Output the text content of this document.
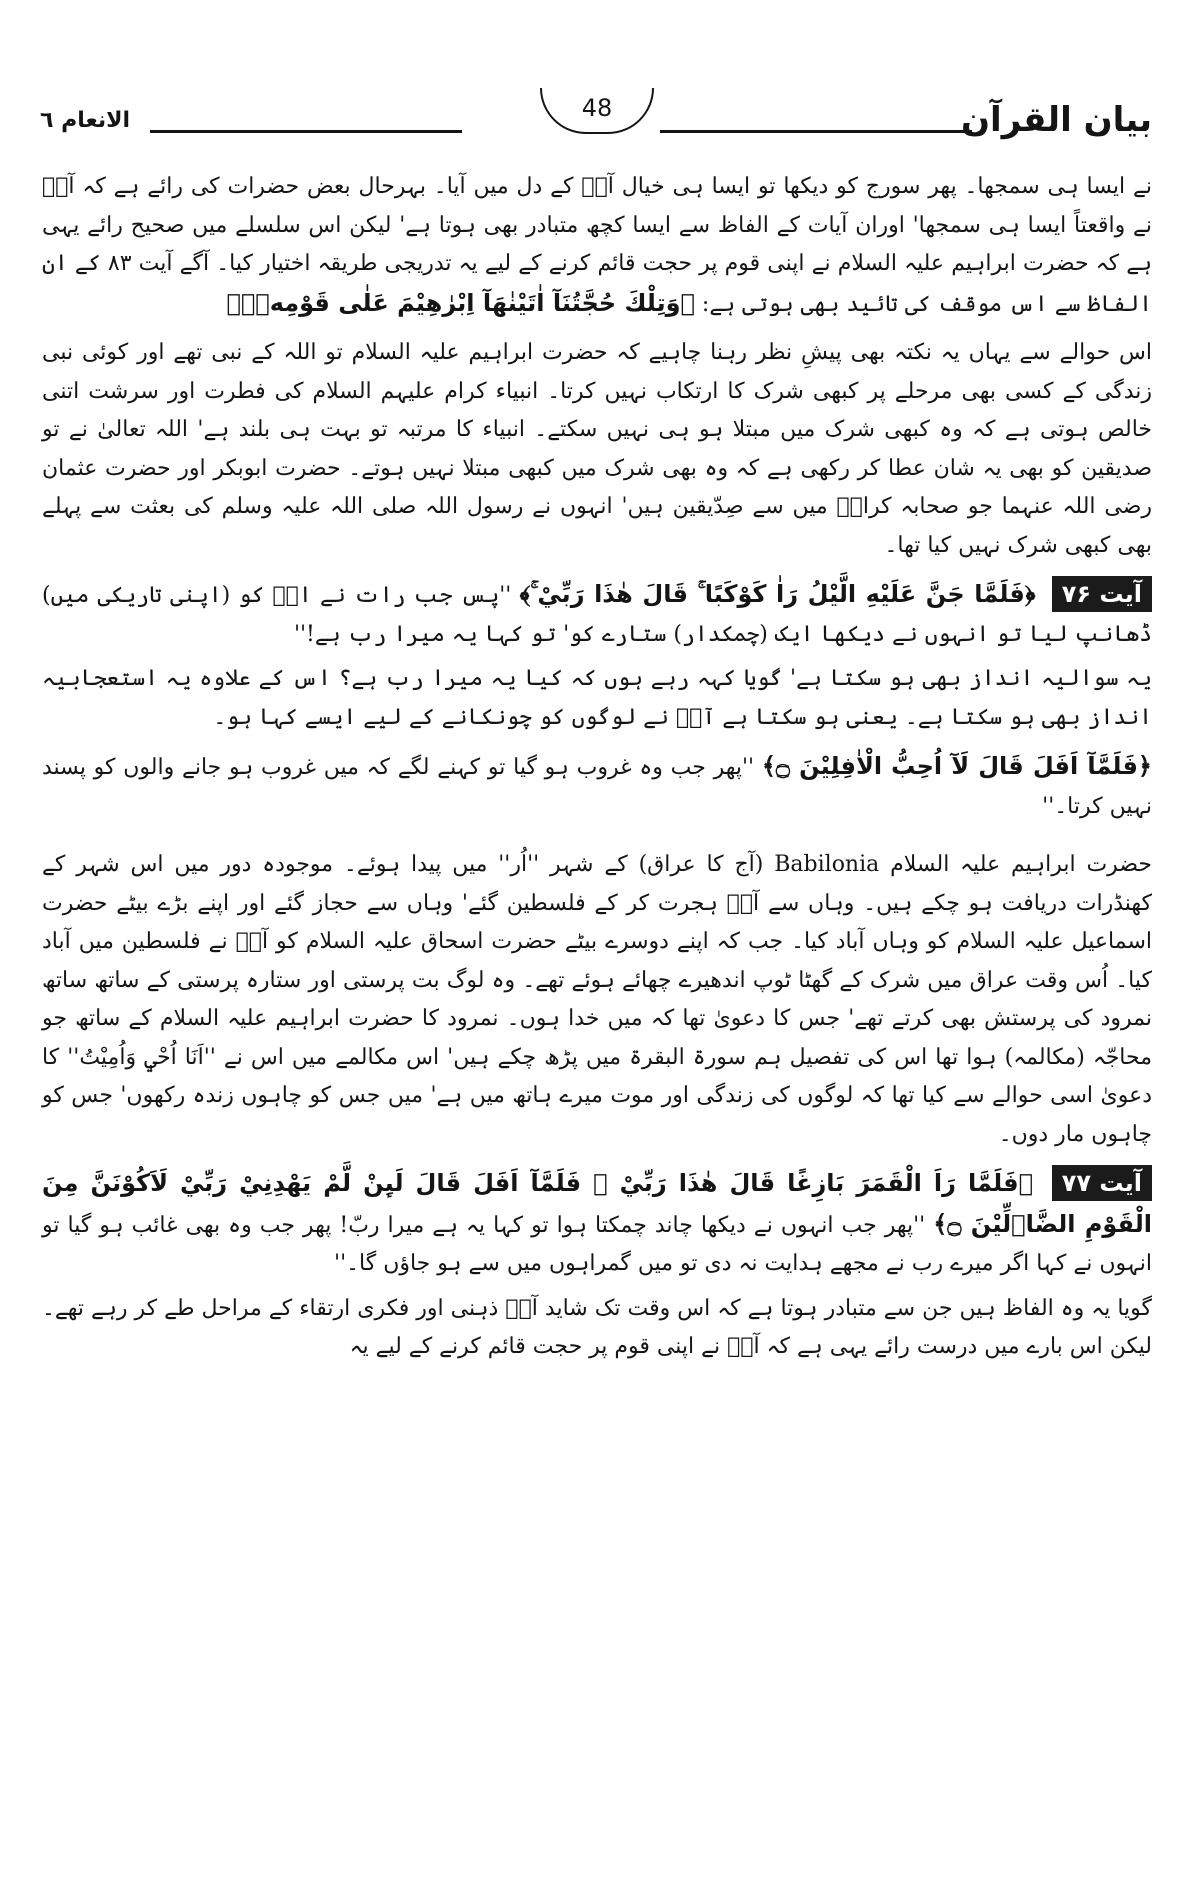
بیان القرآن
48
الانعام ٦

نے ایسا ہی سمجھا۔ پھر سورج کو دیکھا تو ایسا ہی خیال آپؑ کے دل میں آیا۔ بہرحال بعض حضرات کی رائے ہے کہ آپؑ نے واقعتاً ایسا ہی سمجھا' اوران آیات کے الفاظ سے ایسا کچھ متبادر بھی ہوتا ہے' لیکن اس سلسلے میں صحیح رائے یہی ہے کہ حضرت ابراہیم علیہ السلام نے اپنی قوم پر حجت قائم کرنے کے لیے یہ تدریجی طریقہ اختیار کیا۔ آگے آیت ۸۳ کے ان الفاظ سے اس موقف کی تائید بھی ہوتی ہے: ﴿وَتِلْكَ حُجَّتُنَآ اٰتَيْنٰهَآ اِبْرٰهِيْمَ عَلٰى قَوْمِهٖ﴾۔

اس حوالے سے یہاں یہ نکتہ بھی پیشِ نظر رہنا چاہیے کہ حضرت ابراہیم علیہ السلام تو اللہ کے نبی تھے اور کوئی نبی زندگی کے کسی بھی مرحلے پر کبھی شرک کا ارتکاب نہیں کرتا۔ انبیاء کرام علیہم السلام کی فطرت اور سرشت اتنی خالص ہوتی ہے کہ وہ کبھی شرک میں مبتلا ہو ہی نہیں سکتے۔ انبیاء کا مرتبہ تو بہت ہی بلند ہے' اللہ تعالیٰ نے تو صدیقین کو بھی یہ شان عطا کر رکھی ہے کہ وہ بھی شرک میں کبھی مبتلا نہیں ہوتے۔ حضرت ابوبکر اور حضرت عثمان رضی اللہ عنہما جو صحابہ کرامؓ میں سے صِدّیقین ہیں' انہوں نے رسول اللہ صلی اللہ علیہ وسلم کی بعثت سے پہلے بھی کبھی شرک نہیں کیا تھا۔

آیت ۷۶ ﴿فَلَمَّا جَنَّ عَلَيْهِ الَّيْلُ رَاٰ كَوْكَبًا ۚ قَالَ هٰذَا رَبِّيْ ۚ﴾ ''پس جب رات نے انؑ کو (اپنی تاریکی میں) ڈھانپ لیا تو انہوں نے دیکھا ایک (چمکدار) ستارے کو' تو کہا یہ میرا رب ہے!''

یہ سوالیہ انداز بھی ہو سکتا ہے' گویا کہہ رہے ہوں کہ کیا یہ میرا رب ہے؟ اس کے علاوہ یہ استعجابیہ انداز بھی ہو سکتا ہے۔ یعنی ہو سکتا ہے آپؑ نے لوگوں کو چونکانے کے لیے ایسے کہا ہو۔

﴿فَلَمَّآ اَفَلَ قَالَ لَآ اُحِبُّ الْاٰفِلِيْنَ ۝﴾ ''پھر جب وہ غروب ہو گیا تو کہنے لگے کہ میں غروب ہو جانے والوں کو پسند نہیں کرتا۔''

حضرت ابراہیم علیہ السلام Babilonia (آج کا عراق) کے شہر ''اُر'' میں پیدا ہوئے۔ موجودہ دور میں اس شہر کے کھنڈرات دریافت ہو چکے ہیں۔ وہاں سے آپؑ ہجرت کر کے فلسطین گئے' وہاں سے حجاز گئے اور اپنے بڑے بیٹے حضرت اسماعیل علیہ السلام کو وہاں آباد کیا۔ جب کہ اپنے دوسرے بیٹے حضرت اسحاق علیہ السلام کو آپؑ نے فلسطین میں آباد کیا۔ اُس وقت عراق میں شرک کے گھٹا ٹوپ اندھیرے چھائے ہوئے تھے۔ وہ لوگ بت پرستی اور ستارہ پرستی کے ساتھ ساتھ نمرود کی پرستش بھی کرتے تھے' جس کا دعویٰ تھا کہ میں خدا ہوں۔ نمرود کا حضرت ابراہیم علیہ السلام کے ساتھ جو محاجّہ (مکالمہ) ہوا تھا اس کی تفصیل ہم سورۃ البقرۃ میں پڑھ چکے ہیں' اس مکالمے میں اس نے ''اَنَا اُحْيٖ وَاُمِيْتُ'' کا دعویٰ اسی حوالے سے کیا تھا کہ لوگوں کی زندگی اور موت میرے ہاتھ میں ہے' میں جس کو چاہوں زندہ رکھوں' جس کو چاہوں مار دوں۔

آیت ۷۷ ﴿فَلَمَّا رَاَ الْقَمَرَ بَازِغًا قَالَ هٰذَا رَبِّيْ ۚ فَلَمَّآ اَفَلَ قَالَ لَىِٕنْ لَّمْ يَهْدِنِيْ رَبِّيْ لَاَكُوْنَنَّ مِنَ الْقَوْمِ الضَّاۗلِّيْنَ ۝﴾ ''پھر جب انہوں نے دیکھا چاند چمکتا ہوا تو کہا یہ ہے میرا ربّ! پھر جب وہ بھی غائب ہو گیا تو انہوں نے کہا اگر میرے رب نے مجھے ہدایت نہ دی تو میں گمراہوں میں سے ہو جاؤں گا۔''

گویا یہ وہ الفاظ ہیں جن سے متبادر ہوتا ہے کہ اس وقت تک شاید آپؑ ذہنی اور فکری ارتقاء کے مراحل طے کر رہے تھے۔ لیکن اس بارے میں درست رائے یہی ہے کہ آپؑ نے اپنی قوم پر حجت قائم کرنے کے لیے یہ
